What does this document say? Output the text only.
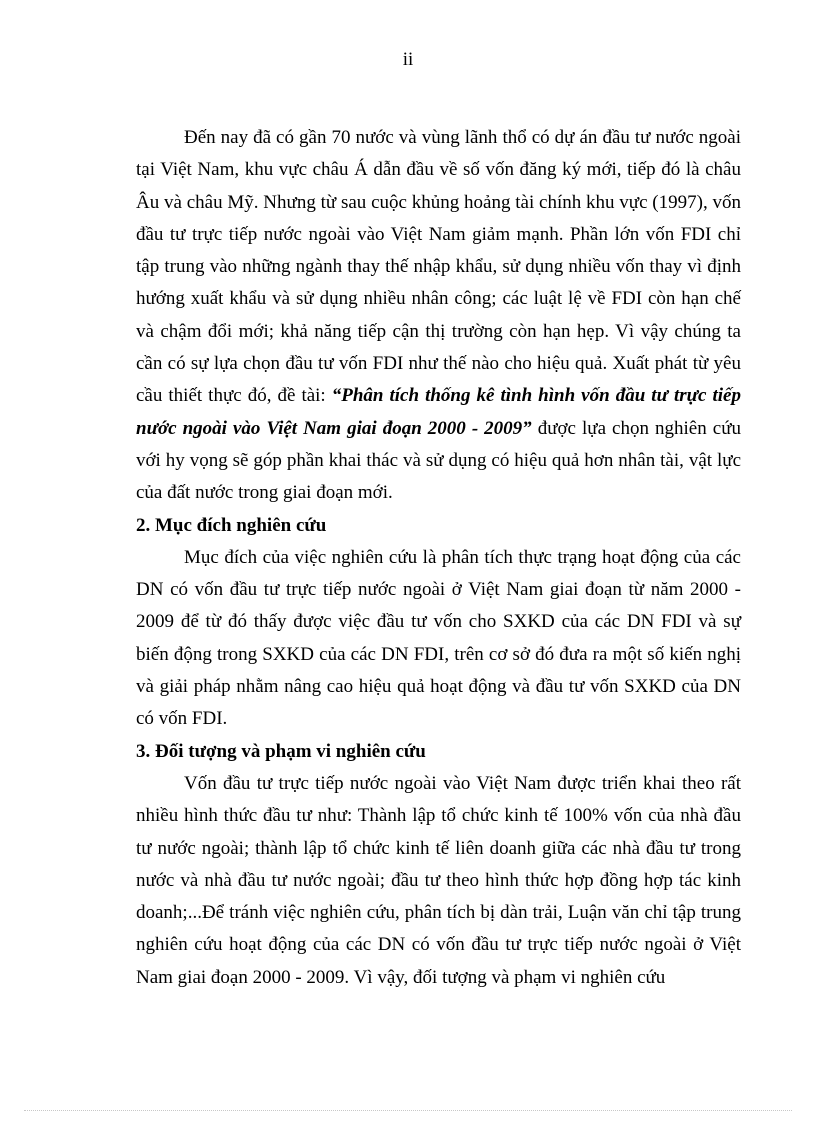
ii

Đến nay đã có gần 70 nước và vùng lãnh thổ có dự án đầu tư nước ngoài tại Việt Nam, khu vực châu Á dẫn đầu về số vốn đăng ký mới, tiếp đó là châu Âu và châu Mỹ. Nhưng từ sau cuộc khủng hoảng tài chính khu vực (1997), vốn đầu tư trực tiếp nước ngoài vào Việt Nam giảm mạnh. Phần lớn vốn FDI chỉ tập trung vào những ngành thay thế nhập khẩu, sử dụng nhiều vốn thay vì định hướng xuất khẩu và sử dụng nhiều nhân công; các luật lệ về FDI còn hạn chế và chậm đổi mới; khả năng tiếp cận thị trường còn hạn hẹp. Vì vậy chúng ta cần có sự lựa chọn đầu tư vốn FDI như thế nào cho hiệu quả. Xuất phát từ yêu cầu thiết thực đó, đề tài: “Phân tích thống kê tình hình vốn đầu tư trực tiếp nước ngoài vào Việt Nam giai đoạn 2000 - 2009” được lựa chọn nghiên cứu với hy vọng sẽ góp phần khai thác và sử dụng có hiệu quả hơn nhân tài, vật lực của đất nước trong giai đoạn mới.

2. Mục đích nghiên cứu

Mục đích của việc nghiên cứu là phân tích thực trạng hoạt động của các DN có vốn đầu tư trực tiếp nước ngoài ở Việt Nam giai đoạn từ năm 2000 - 2009 để từ đó thấy được việc đầu tư vốn cho SXKD của các DN FDI và sự biến động trong SXKD của các DN FDI, trên cơ sở đó đưa ra một số kiến nghị và giải pháp nhằm nâng cao hiệu quả hoạt động và đầu tư vốn SXKD của DN có vốn FDI.

3. Đối tượng và phạm vi nghiên cứu

Vốn đầu tư trực tiếp nước ngoài vào Việt Nam được triển khai theo rất nhiều hình thức đầu tư như: Thành lập tổ chức kinh tế 100% vốn của nhà đầu tư nước ngoài; thành lập tổ chức kinh tế liên doanh giữa các nhà đầu tư trong nước và nhà đầu tư nước ngoài; đầu tư theo hình thức hợp đồng hợp tác kinh doanh;...Để tránh việc nghiên cứu, phân tích bị dàn trải, Luận văn chỉ tập trung nghiên cứu hoạt động của các DN có vốn đầu tư trực tiếp nước ngoài ở Việt Nam giai đoạn 2000 - 2009. Vì vậy, đối tượng và phạm vi nghiên cứu
